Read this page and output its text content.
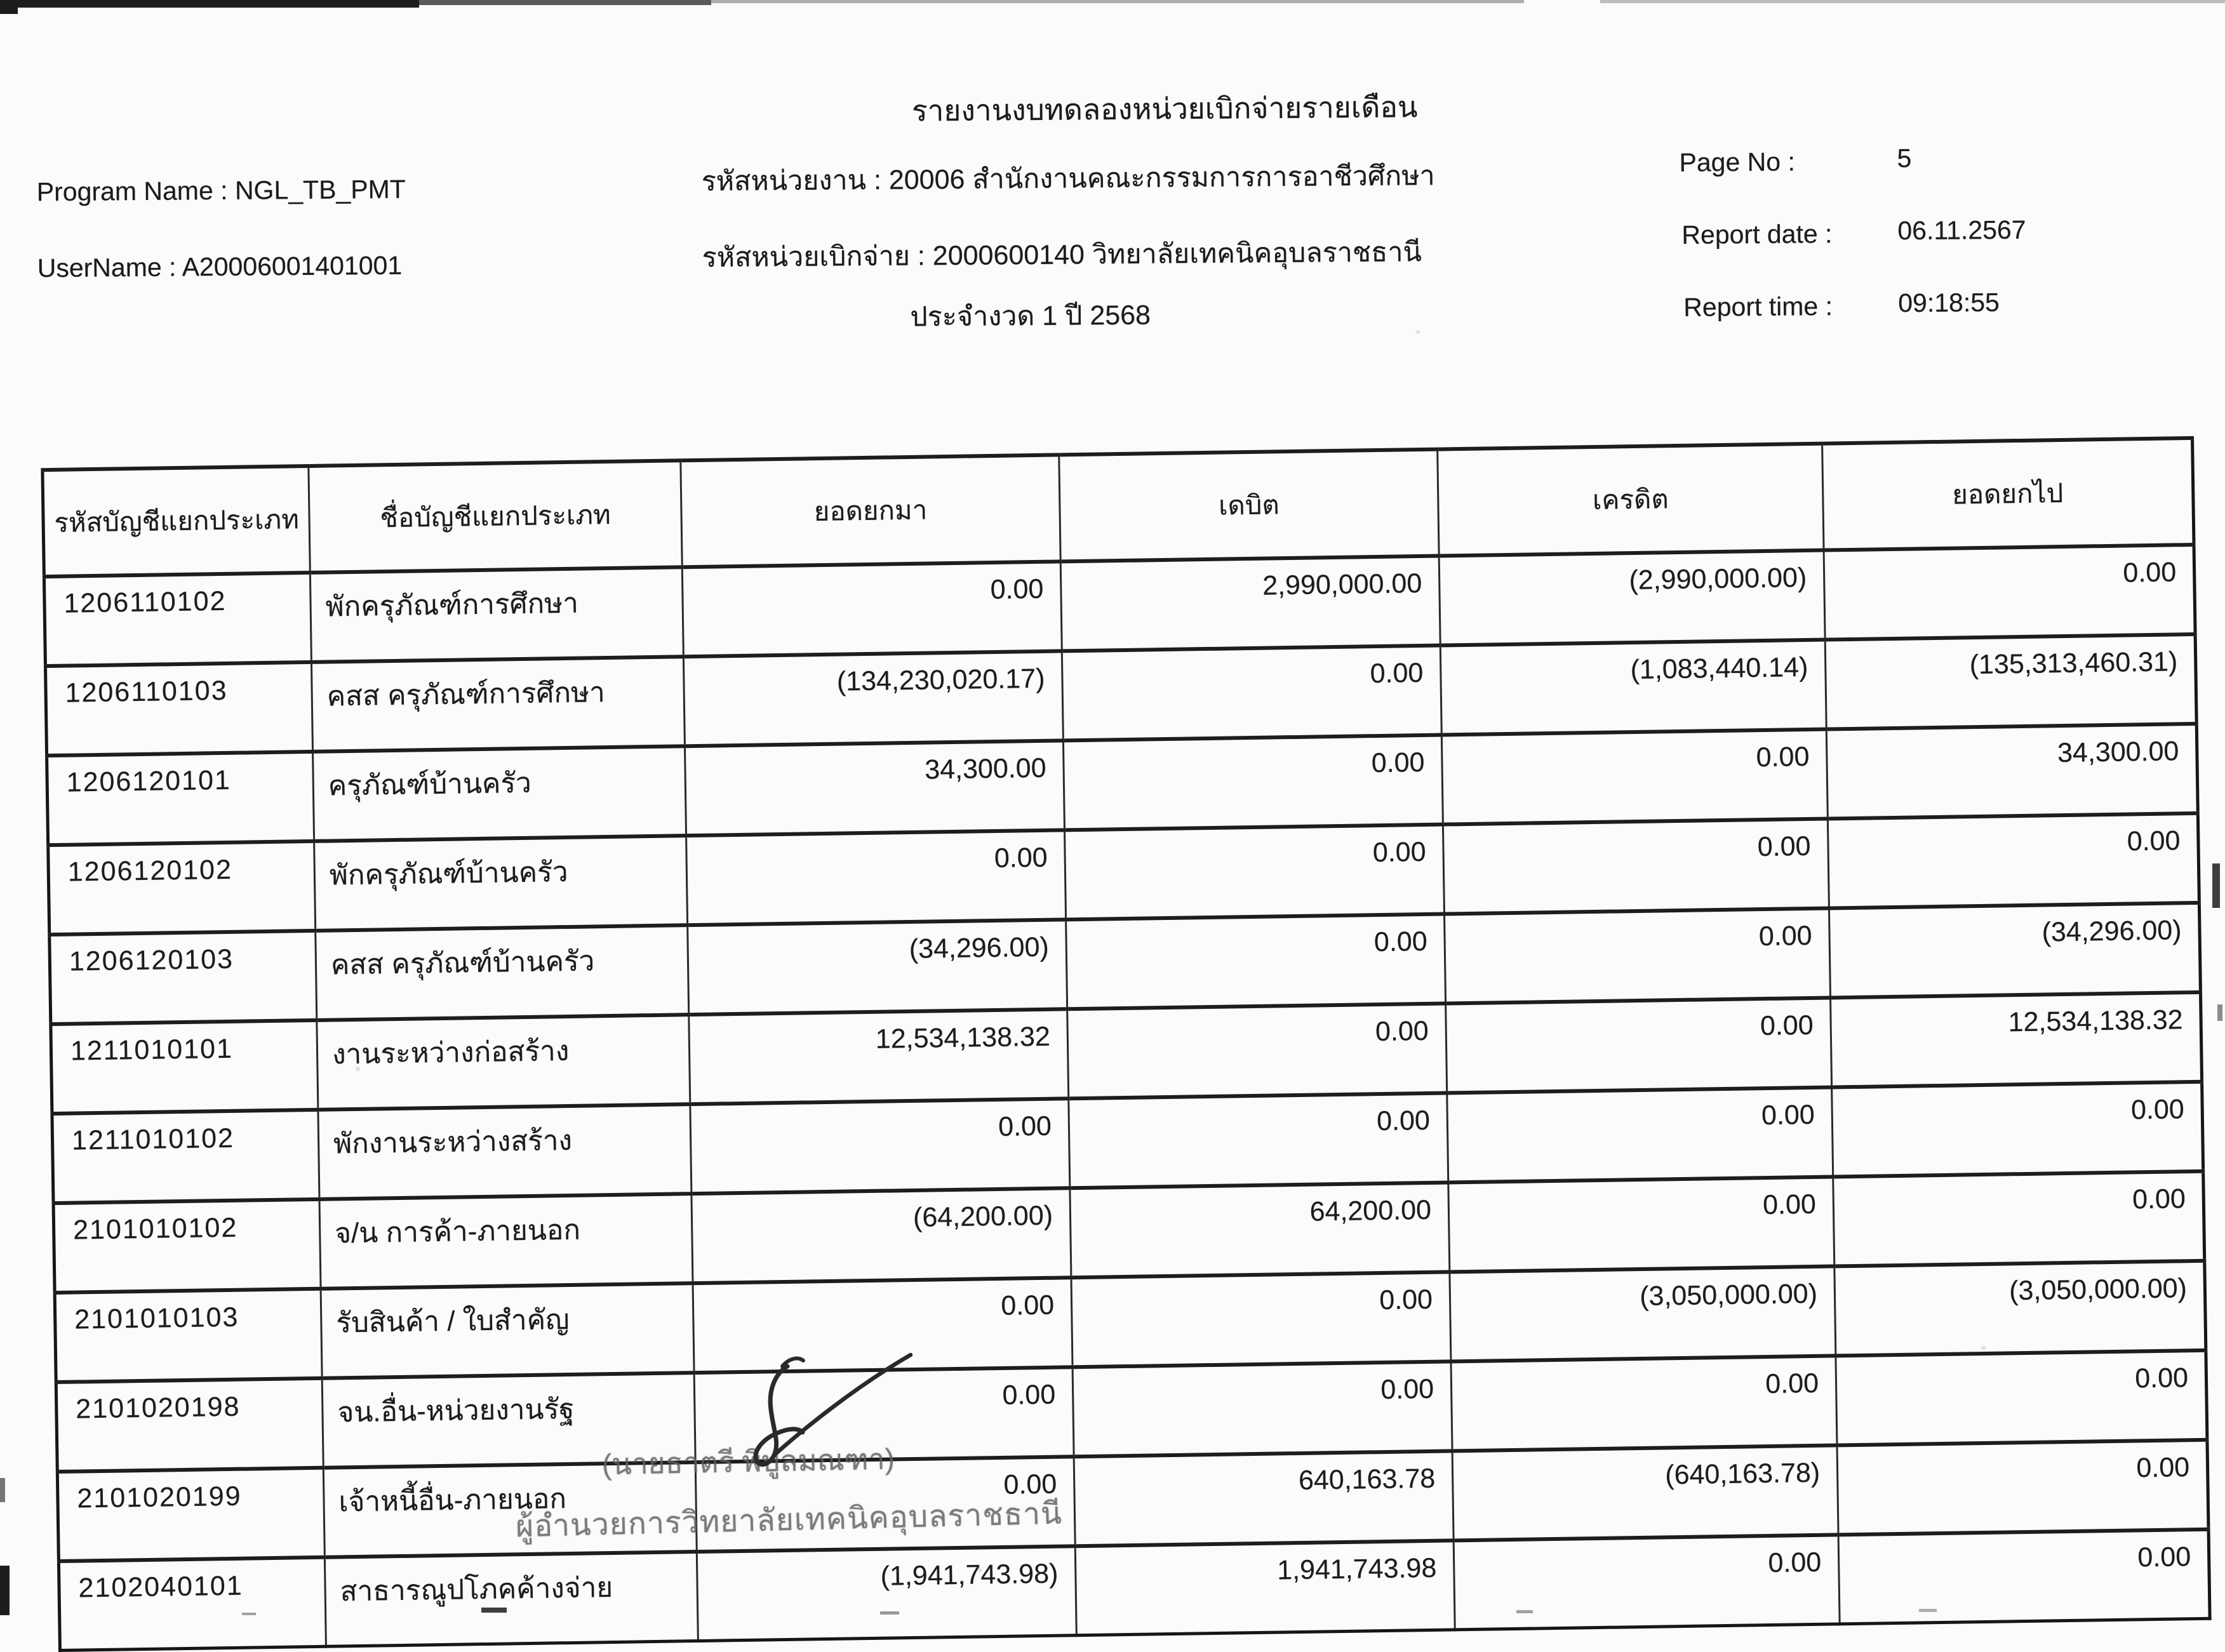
รายงานงบทดลองหน่วยเบิกจ่ายรายเดือน
Program Name : NGL_TB_PMT
UserName : A20006001401001
รหัสหน่วยงาน : 20006 สำนักงานคณะกรรมการการอาชีวศึกษา
รหัสหน่วยเบิกจ่าย : 2000600140 วิทยาลัยเทคนิคอุบลราชธานี
ประจำงวด 1 ปี 2568
Page No :	5
Report date :	06.11.2567
Report time :	09:18:55
รหัสบัญชีแยกประเภท	ชื่อบัญชีแยกประเภท	ยอดยกมา	เดบิต	เครดิต	ยอดยกไป
1206110102	พักครุภัณฑ์การศึกษา	0.00	2,990,000.00	(2,990,000.00)	0.00
1206110103	คสส ครุภัณฑ์การศึกษา	(134,230,020.17)	0.00	(1,083,440.14)	(135,313,460.31)
1206120101	ครุภัณฑ์บ้านครัว	34,300.00	0.00	0.00	34,300.00
1206120102	พักครุภัณฑ์บ้านครัว	0.00	0.00	0.00	0.00
1206120103	คสส ครุภัณฑ์บ้านครัว	(34,296.00)	0.00	0.00	(34,296.00)
1211010101	งานระหว่างก่อสร้าง	12,534,138.32	0.00	0.00	12,534,138.32
1211010102	พักงานระหว่างสร้าง	0.00	0.00	0.00	0.00
2101010102	จ/น การค้า-ภายนอก	(64,200.00)	64,200.00	0.00	0.00
2101010103	รับสินค้า / ใบสำคัญ	0.00	0.00	(3,050,000.00)	(3,050,000.00)
2101020198	จน.อื่น-หน่วยงานรัฐ	0.00	0.00	0.00	0.00
2101020199	เจ้าหนี้อื่น-ภายนอก	0.00	640,163.78	(640,163.78)	0.00
2102040101	สาธารณูปโภคค้างจ่าย	(1,941,743.98)	1,941,743.98	0.00	0.00
(นายธาตรี พิบูลมณฑา)
ผู้อำนวยการวิทยาลัยเทคนิคอุบลราชธานี
